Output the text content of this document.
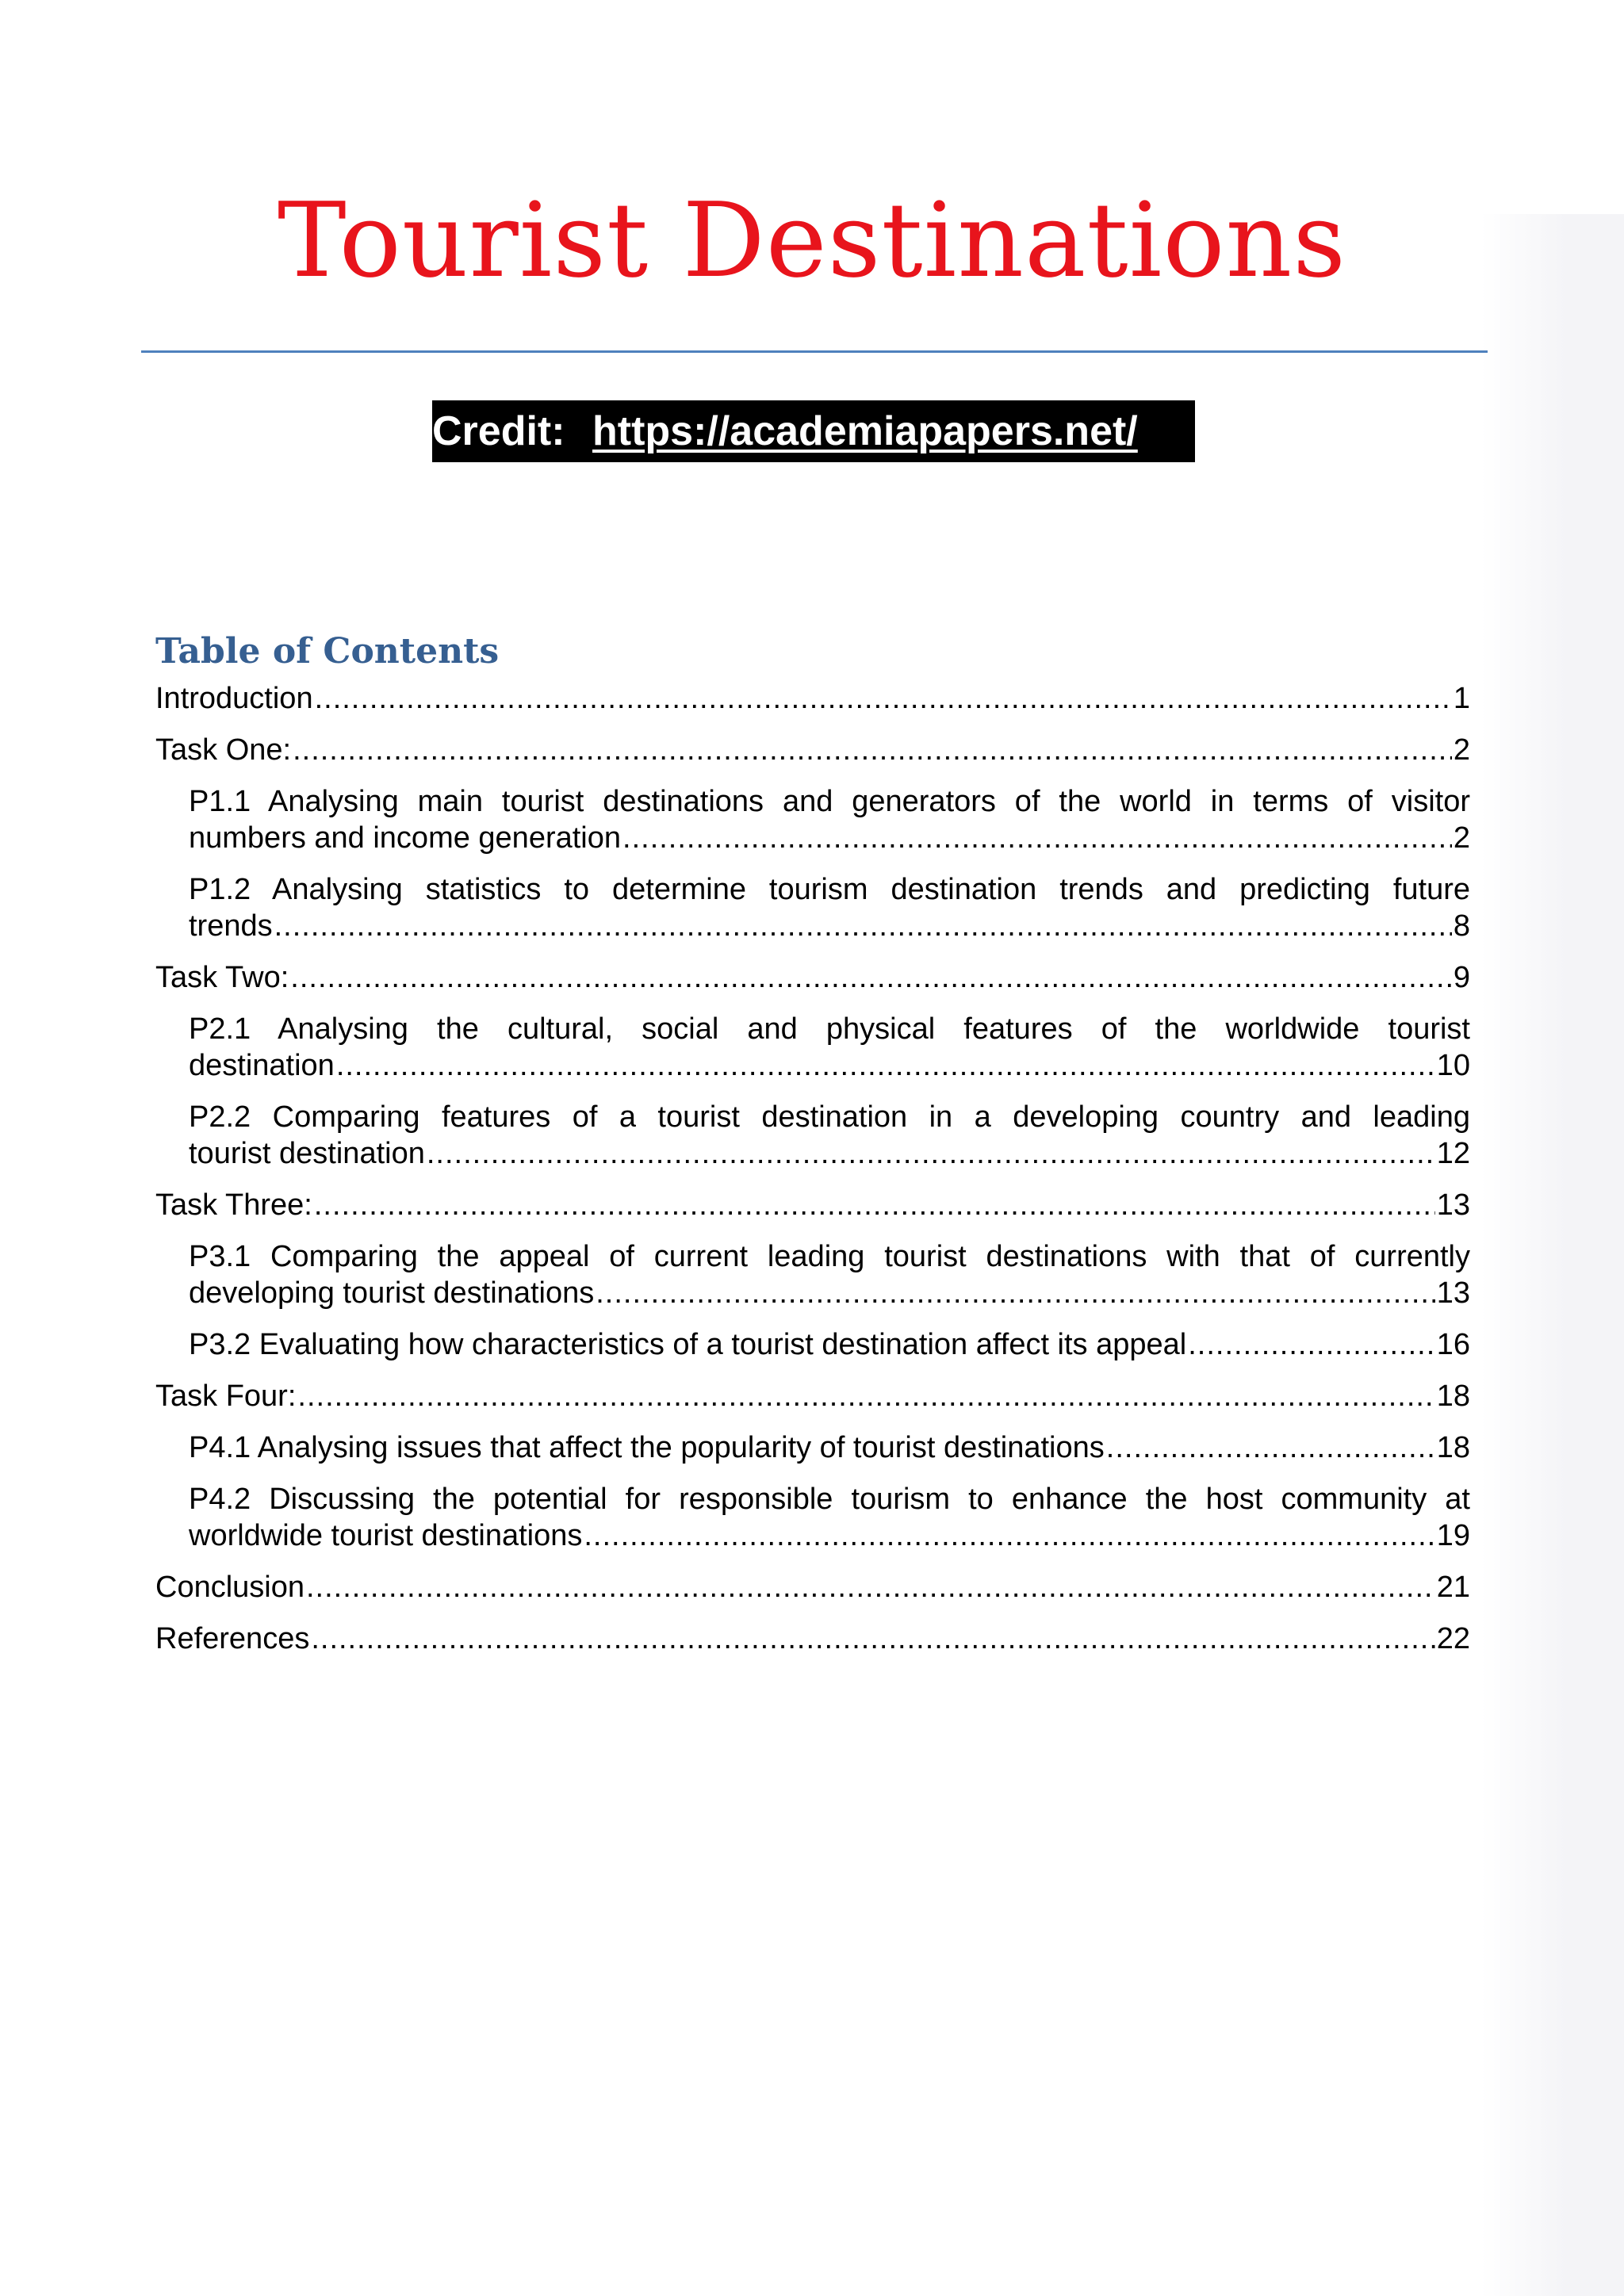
Tourist Destinations
Credit: https://academiapapers.net/
Table of Contents
Introduction .....	1
Task One: .....	2
P1.1 Analysing main tourist destinations and generators of the world in terms of visitor
numbers and income generation .....	2
P1.2 Analysing statistics to determine tourism destination trends and predicting future
trends .....	8
Task Two: .....	9
P2.1 Analysing the cultural, social and physical features of the worldwide tourist
destination .....	10
P2.2 Comparing features of a tourist destination in a developing country and leading
tourist destination .....	12
Task Three: .....	13
P3.1 Comparing the appeal of current leading tourist destinations with that of currently
developing tourist destinations .....	13
P3.2 Evaluating how characteristics of a tourist destination affect its appeal .....	16
Task Four: .....	18
P4.1 Analysing issues that affect the popularity of tourist destinations .....	18
P4.2 Discussing the potential for responsible tourism to enhance the host community at
worldwide tourist destinations .....	19
Conclusion .....	21
References .....	22
